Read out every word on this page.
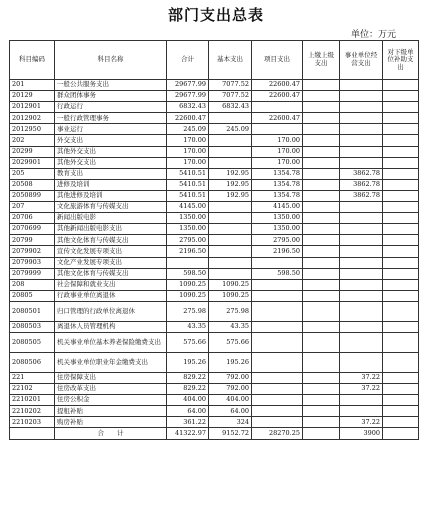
部门支出总表
单位：万元
科目编码	科目名称	合计	基本支出	项目支出	上缴上级支出	事业单位经营支出	对下级单位补助支出
201	一般公共服务支出	29677.99	7077.52	22600.47			
20129	群众团体事务	29677.99	7077.52	22600.47			
2012901	行政运行	6832.43	6832.43				
2012902	一般行政管理事务	22600.47		22600.47			
2012950	事业运行	245.09	245.09				
202	外交支出	170.00		170.00			
20299	其他外交支出	170.00		170.00			
2029901	其他外交支出	170.00		170.00			
205	教育支出	5410.51	192.95	1354.78		3862.78	
20508	进修及培训	5410.51	192.95	1354.78		3862.78	
2050899	其他进修及培训	5410.51	192.95	1354.78		3862.78	
207	文化旅游体育与传媒支出	4145.00		4145.00			
20706	新闻出版电影	1350.00		1350.00			
2070699	其他新闻出版电影支出	1350.00		1350.00			
20799	其他文化体育与传媒支出	2795.00		2795.00			
2079902	宣传文化发展专项支出	2196.50		2196.50			
2079903	文化产业发展专项支出						
2079999	其他文化体育与传媒支出	598.50		598.50			
208	社会保障和就业支出	1090.25	1090.25				
20805	行政事业单位离退休	1090.25	1090.25				
2080501	归口管理的行政单位离退休	275.98	275.98				
2080503	离退休人员管理机构	43.35	43.35				
2080505	机关事业单位基本养老保险缴费支出	575.66	575.66				
2080506	机关事业单位职业年金缴费支出	195.26	195.26				
221	住房保障支出	829.22	792.00			37.22	
22102	住房改革支出	829.22	792.00			37.22	
2210201	住房公积金	404.00	404.00				
2210202	提租补贴	64.00	64.00				
2210203	购房补贴	361.22	324			37.22	
	合　　计	41322.97	9152.72	28270.25		3900	
